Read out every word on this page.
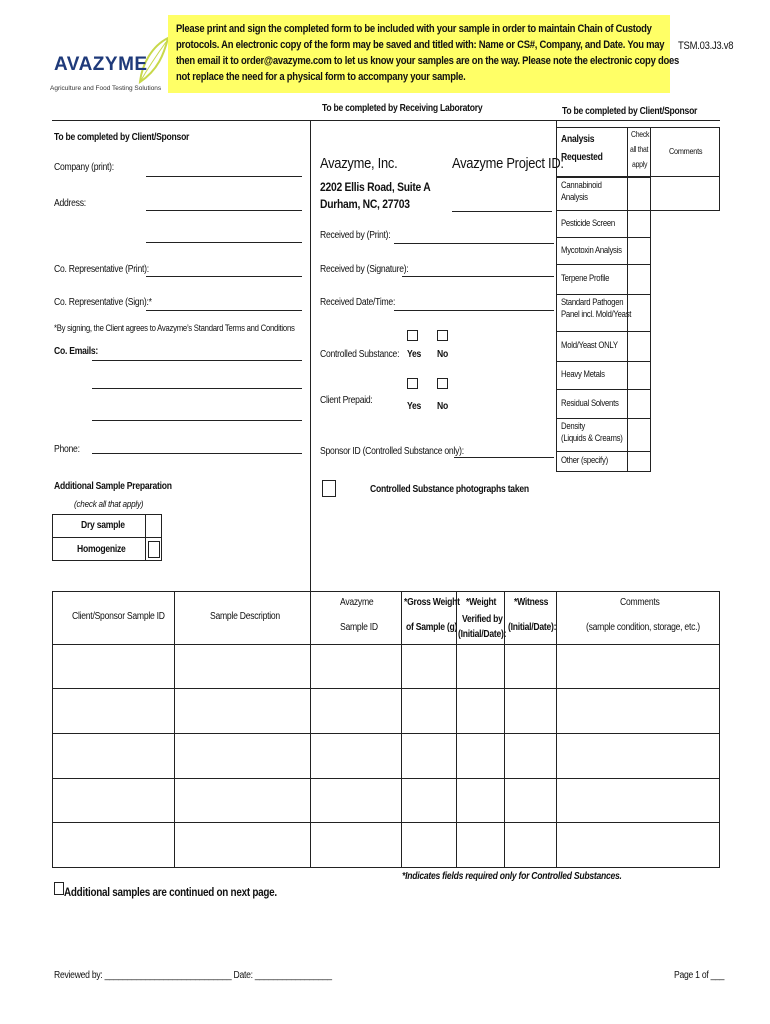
AVAZYME
Agriculture and Food Testing Solutions
Please print and sign the completed form to be included with your sample in order to maintain Chain of Custody
protocols. An electronic copy of the form may be saved and titled with: Name or CS#, Company, and Date. You may
then email it to order@avazyme.com to let us know your samples are on the way. Please note the electronic copy does
not replace the need for a physical form to accompany your sample.
TSM.03.J3.v8
To be completed by Receiving Laboratory	To be completed by Client/Sponsor
To be completed by Client/Sponsor
Company (print):
Address:
Co. Representative (Print):
Co. Representative (Sign):*
*By signing, the Client agrees to Avazyme’s Standard Terms and Conditions
Co. Emails:
Phone:
Additional Sample Preparation
(check all that apply)
Dry sample
Homogenize
Avazyme, Inc.	Avazyme Project ID:
2202 Ellis Road, Suite A
Durham, NC, 27703
Received by (Print):
Received by (Signature):
Received Date/Time:
Controlled Substance: Yes No
Client Prepaid:
Yes No
Sponsor ID (Controlled Substance only):
Controlled Substance photographs taken
Analysis
Requested
Check
all that
apply
Comments
Cannabinoid
Analysis
Pesticide Screen
Mycotoxin Analysis
Terpene Profile
Standard Pathogen
Panel incl. Mold/Yeast
Mold/Yeast ONLY
Heavy Metals
Residual Solvents
Density
(Liquids & Creams)
Other (specify)
Client/Sponsor Sample ID	Sample Description
Avazyme
Sample ID
*Gross Weight
of Sample (g)
*Weight
Verified by
(Initial/Date):
*Witness
(Initial/Date):
Comments
(sample condition, storage, etc.)
*Indicates fields required only for Controlled Substances.
Additional samples are continued on next page.
Reviewed by: ____________________________ Date: _________________	Page 1 of ___
